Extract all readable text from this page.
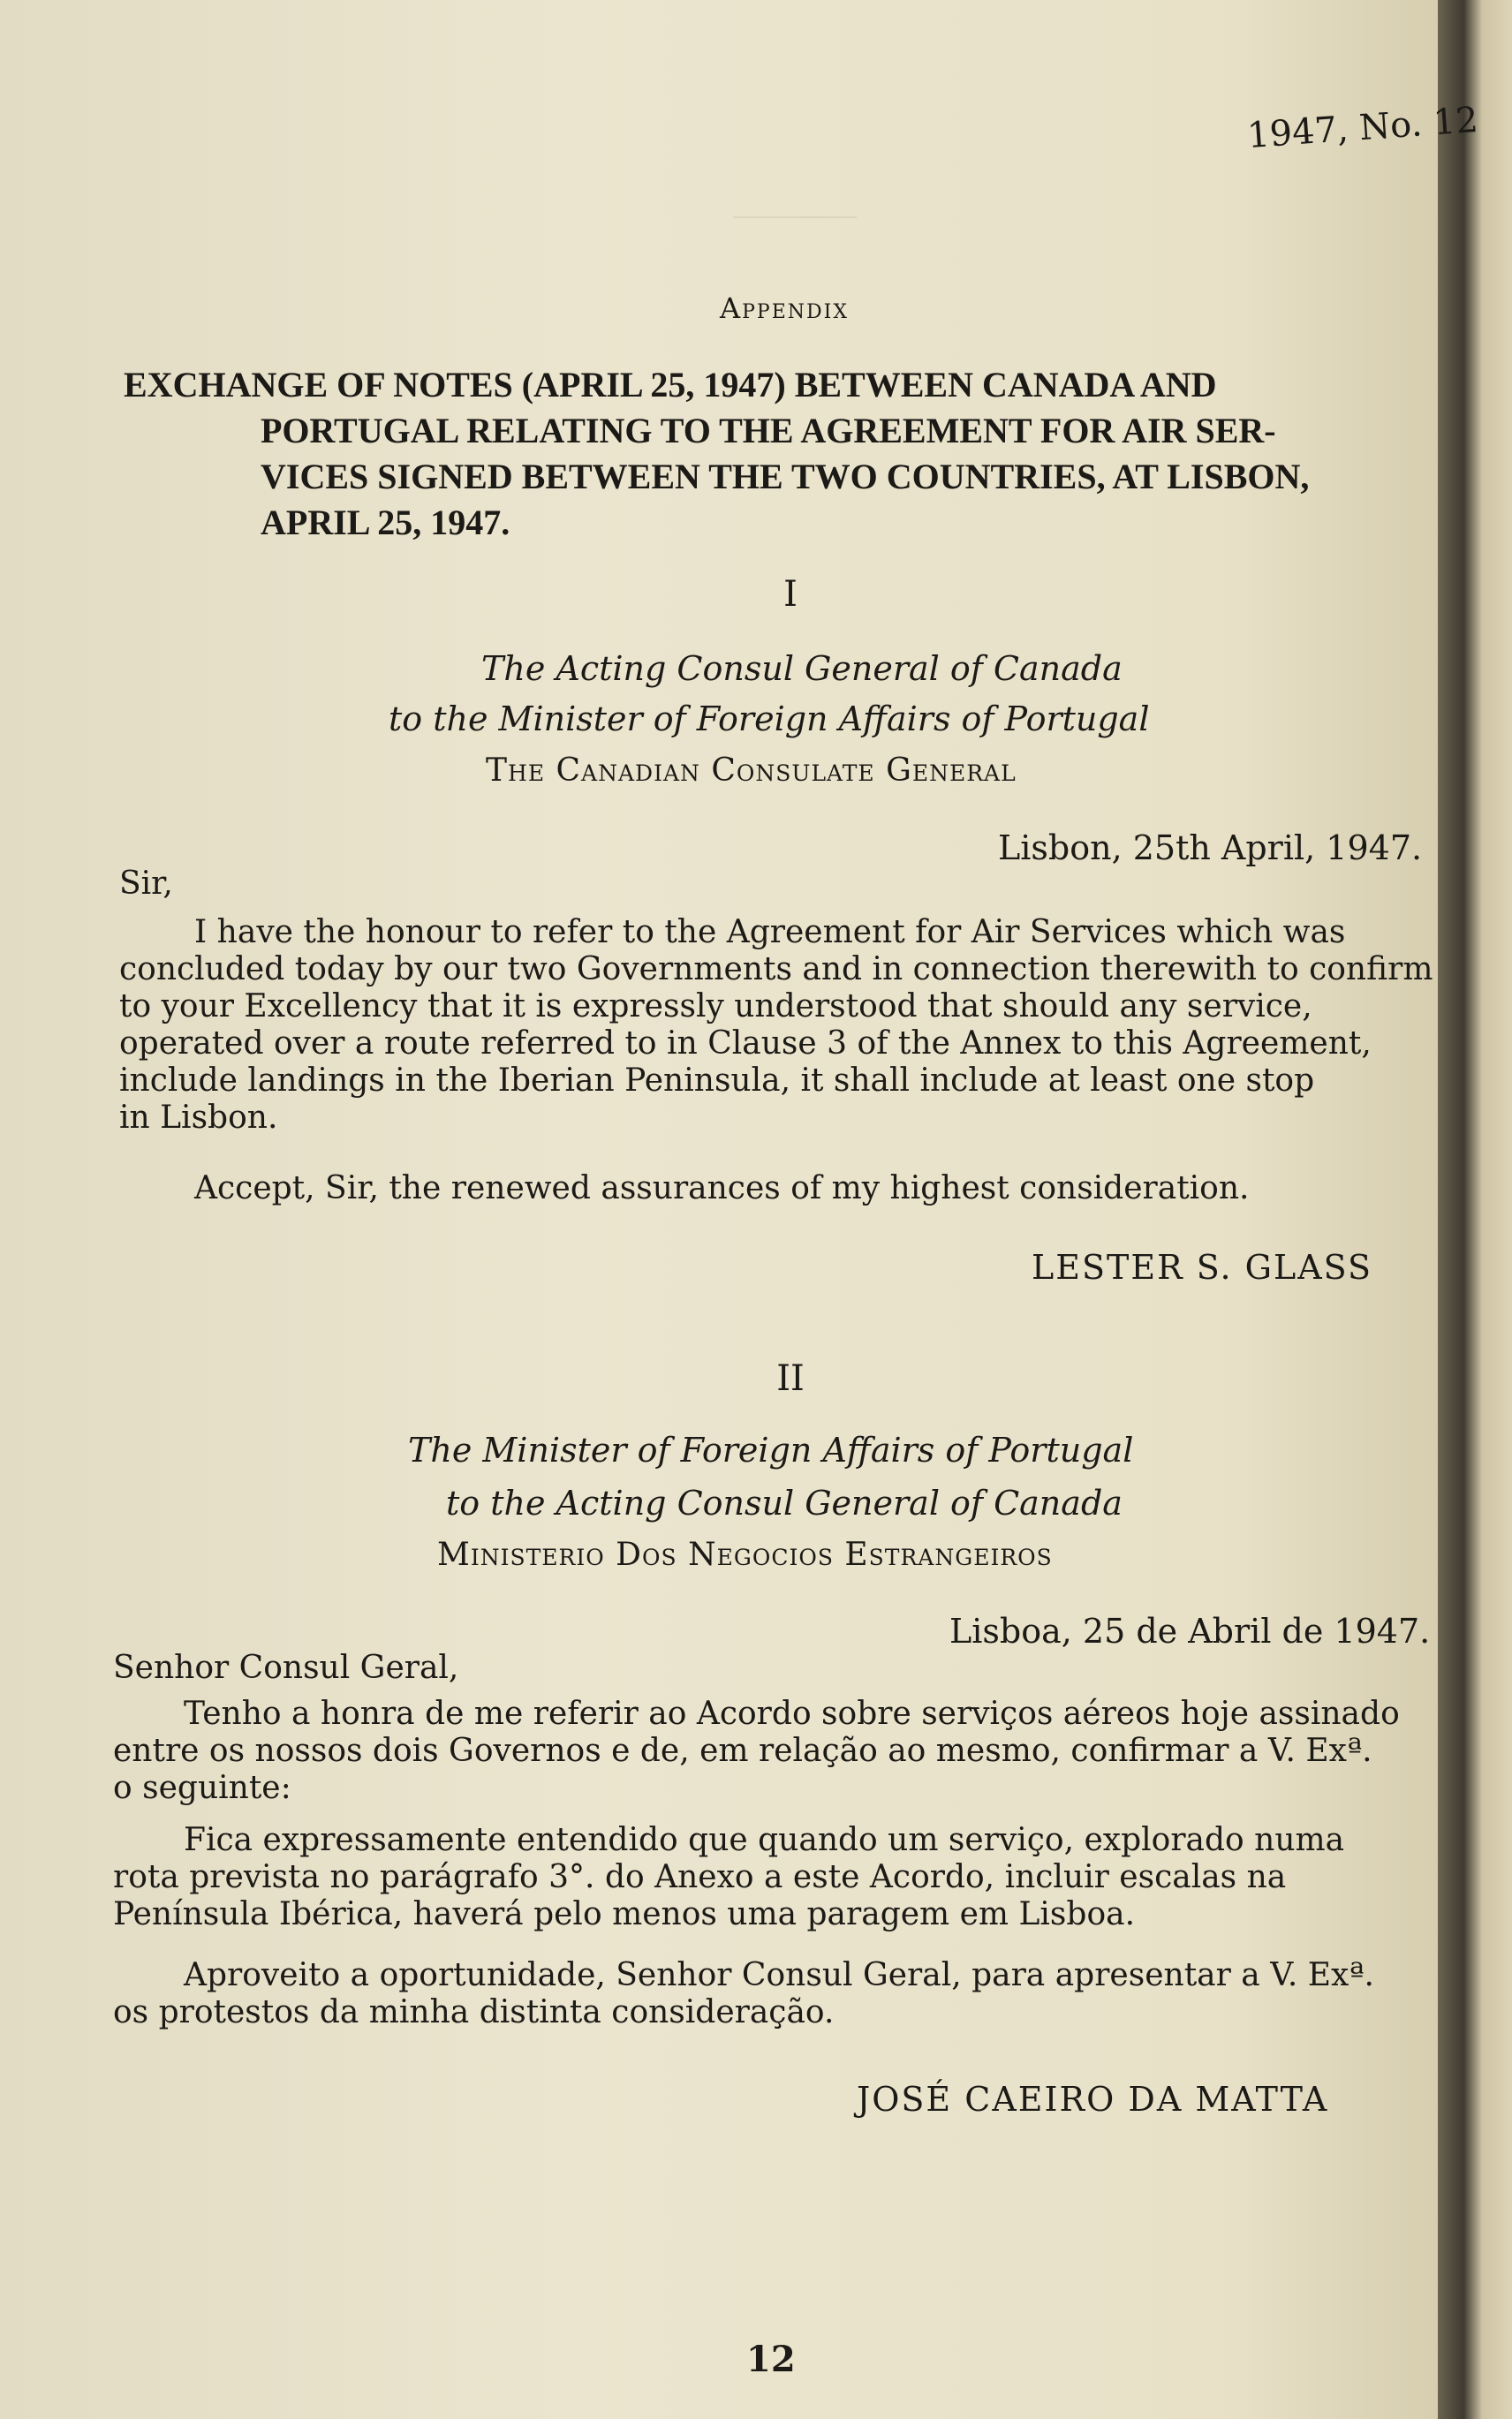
1947, No. 12
Appendix
EXCHANGE OF NOTES (APRIL 25, 1947) BETWEEN CANADA AND
PORTUGAL RELATING TO THE AGREEMENT FOR AIR SER-
VICES SIGNED BETWEEN THE TWO COUNTRIES, AT LISBON,
APRIL 25, 1947.
I
The Acting Consul General of Canada
to the Minister of Foreign Affairs of Portugal
The Canadian Consulate General
Lisbon, 25th April, 1947.
Sir,
I have the honour to refer to the Agreement for Air Services which was
concluded today by our two Governments and in connection therewith to confirm
to your Excellency that it is expressly understood that should any service,
operated over a route referred to in Clause 3 of the Annex to this Agreement,
include landings in the Iberian Peninsula, it shall include at least one stop
in Lisbon.
Accept, Sir, the renewed assurances of my highest consideration.
LESTER S. GLASS
II
The Minister of Foreign Affairs of Portugal
to the Acting Consul General of Canada
Ministerio Dos Negocios Estrangeiros
Lisboa, 25 de Abril de 1947.
Senhor Consul Geral,
Tenho a honra de me referir ao Acordo sobre serviços aéreos hoje assinado
entre os nossos dois Governos e de, em relação ao mesmo, confirmar a V. Exª.
o seguinte:
Fica expressamente entendido que quando um serviço, explorado numa
rota prevista no parágrafo 3°. do Anexo a este Acordo, incluir escalas na
Península Ibérica, haverá pelo menos uma paragem em Lisboa.
Aproveito a oportunidade, Senhor Consul Geral, para apresentar a V. Exª.
os protestos da minha distinta consideração.
JOSÉ CAEIRO DA MATTA
12
